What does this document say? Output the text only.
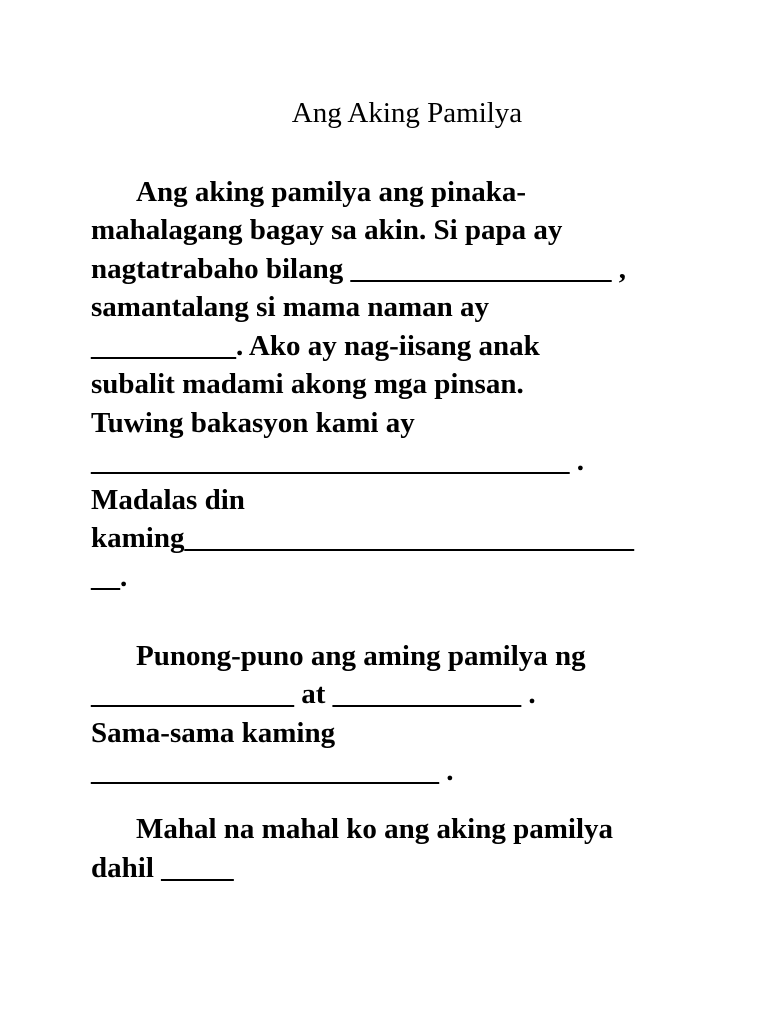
Ang Aking Pamilya
Ang aking pamilya ang pinaka-
mahalagang bagay sa akin. Si papa ay
nagtatrabaho bilang __________________ ,
samantalang si mama naman ay
__________. Ako ay nag-iisang anak
subalit madami akong mga pinsan.
Tuwing bakasyon kami ay
_________________________________ .
Madalas din
kaming_______________________________
__.
Punong-puno ang aming pamilya ng
______________ at _____________ .
Sama-sama kaming
________________________ .
Mahal na mahal ko ang aking pamilya
dahil _____
